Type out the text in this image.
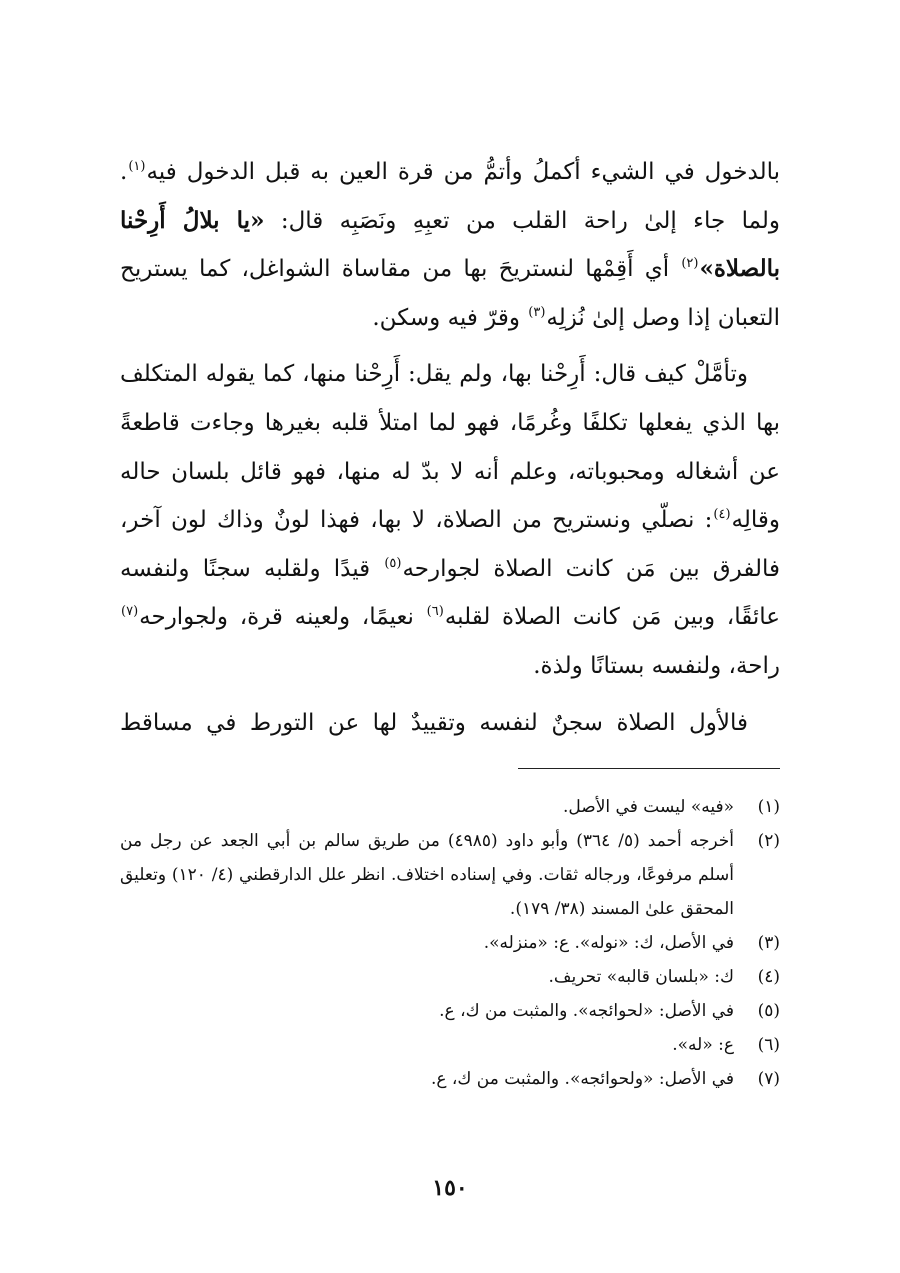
بالدخول في الشيء أكملُ وأتمُّ من قرة العين به قبل الدخول فيه$^{(١)}$. ولما جاء إلىٰ راحة القلب من تعبِهِ ونَصَبِه قال: «يا بلالُ أَرِحْنا بالصلاة»$^{(٢)}$ أي أَقِمْها لنستريحَ بها من مقاساة الشواغل، كما يستريح التعبان إذا وصل إلىٰ نُزلِه$^{(٣)}$ وقرّ فيه وسكن.

وتأمَّلْ كيف قال: أَرِحْنا بها، ولم يقل: أَرِحْنا منها، كما يقوله المتكلف بها الذي يفعلها تكلفًا وغُرمًا، فهو لما امتلأ قلبه بغيرها وجاءت قاطعةً عن أشغاله ومحبوباته، وعلم أنه لا بدّ له منها، فهو قائل بلسان حاله وقالِه$^{(٤)}$: نصلّي ونستريح من الصلاة، لا بها، فهذا لونٌ وذاك لون آخر، فالفرق بين مَن كانت الصلاة لجوارحه$^{(٥)}$ قيدًا ولقلبه سجنًا ولنفسه عائقًا، وبين مَن كانت الصلاة لقلبه$^{(٦)}$ نعيمًا، ولعينه قرة، ولجوارحه$^{(٧)}$ راحة، ولنفسه بستانًا ولذة.

فالأول الصلاة سجنٌ لنفسه وتقييدٌ لها عن التورط في مساقط

(١)
«فيه» ليست في الأصل.
(٢)
أخرجه أحمد (٥/ ٣٦٤) وأبو داود (٤٩٨٥) من طريق سالم بن أبي الجعد عن رجل من أسلم مرفوعًا، ورجاله ثقات. وفي إسناده اختلاف. انظر علل الدارقطني (٤/ ١٢٠) وتعليق المحقق علىٰ المسند (٣٨/ ١٧٩).
(٣)
في الأصل، ك: «نوله». ع: «منزله».
(٤)
ك: «بلسان قالبه» تحريف.
(٥)
في الأصل: «لحوائجه». والمثبت من ك، ع.
(٦)
ع: «له».
(٧)
في الأصل: «ولحوائجه». والمثبت من ك، ع.
١٥٠
